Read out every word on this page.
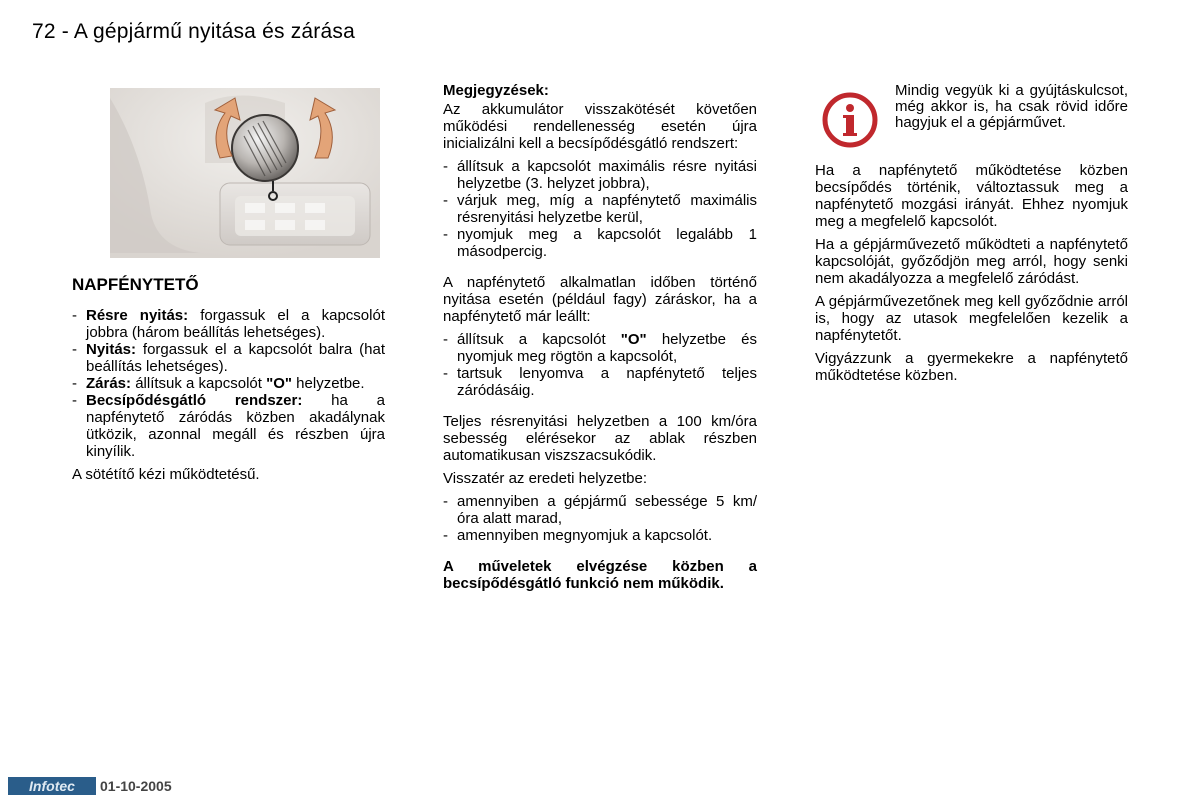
72 - A gépjármű nyitása és zárása
NAPFÉNYTETŐ
- Résre nyitás: forgassuk el a kapcsolót jobbra (három beállítás lehetséges).
- Nyitás: forgassuk el a kapcsolót balra (hat beállítás lehetséges).
- Zárás: állítsuk a kapcsolót "O" helyzetbe.
- Becsípődésgátló rendszer: ha a napfénytető záródás közben akadálynak ütközik, azonnal megáll és részben újra kinyílik.

A sötétítő kézi működtetésű.

Megjegyzések:

Az akkumulátor visszakötését követően működési rendellenesség esetén újra inicializálni kell a becsípődésgátló rendszert:

- állítsuk a kapcsolót maximális résre nyitási helyzetbe (3. helyzet jobbra),
- várjuk meg, míg a napfénytető maximális résrenyitási helyzetbe kerül,
- nyomjuk meg a kapcsolót legalább 1 másodpercig.

A napfénytető alkalmatlan időben történő nyitása esetén (például fagy) záráskor, ha a napfénytető már leállt:

- állítsuk a kapcsolót "O" helyzetbe és nyomjuk meg rögtön a kapcsolót,
- tartsuk lenyomva a napfénytető teljes záródásáig.

Teljes résrenyitási helyzetben a 100 km/óra sebesség elérésekor az ablak részben automatikusan viszszacsukódik.

Visszatér az eredeti helyzetbe:

- amennyiben a gépjármű sebessége 5 km/óra alatt marad,
- amennyiben megnyomjuk a kapcsolót.

A műveletek elvégzése közben a becsípődésgátló funkció nem működik.

Mindig vegyük ki a gyújtáskulcsot, még akkor is, ha csak rövid időre hagyjuk el a gépjárművet.

Ha a napfénytető működtetése közben becsípődés történik, változtassuk meg a napfénytető mozgási irányát. Ehhez nyomjuk meg a megfelelő kapcsolót.

Ha a gépjárművezető működteti a napfénytető kapcsolóját, győződjön meg arról, hogy senki nem akadályozza a megfelelő záródást.

A gépjárművezetőnek meg kell győződnie arról is, hogy az utasok megfelelően kezelik a napfénytetőt.

Vigyázzunk a gyermekekre a napfénytető működtetése közben.

Infotec	01-10-2005
